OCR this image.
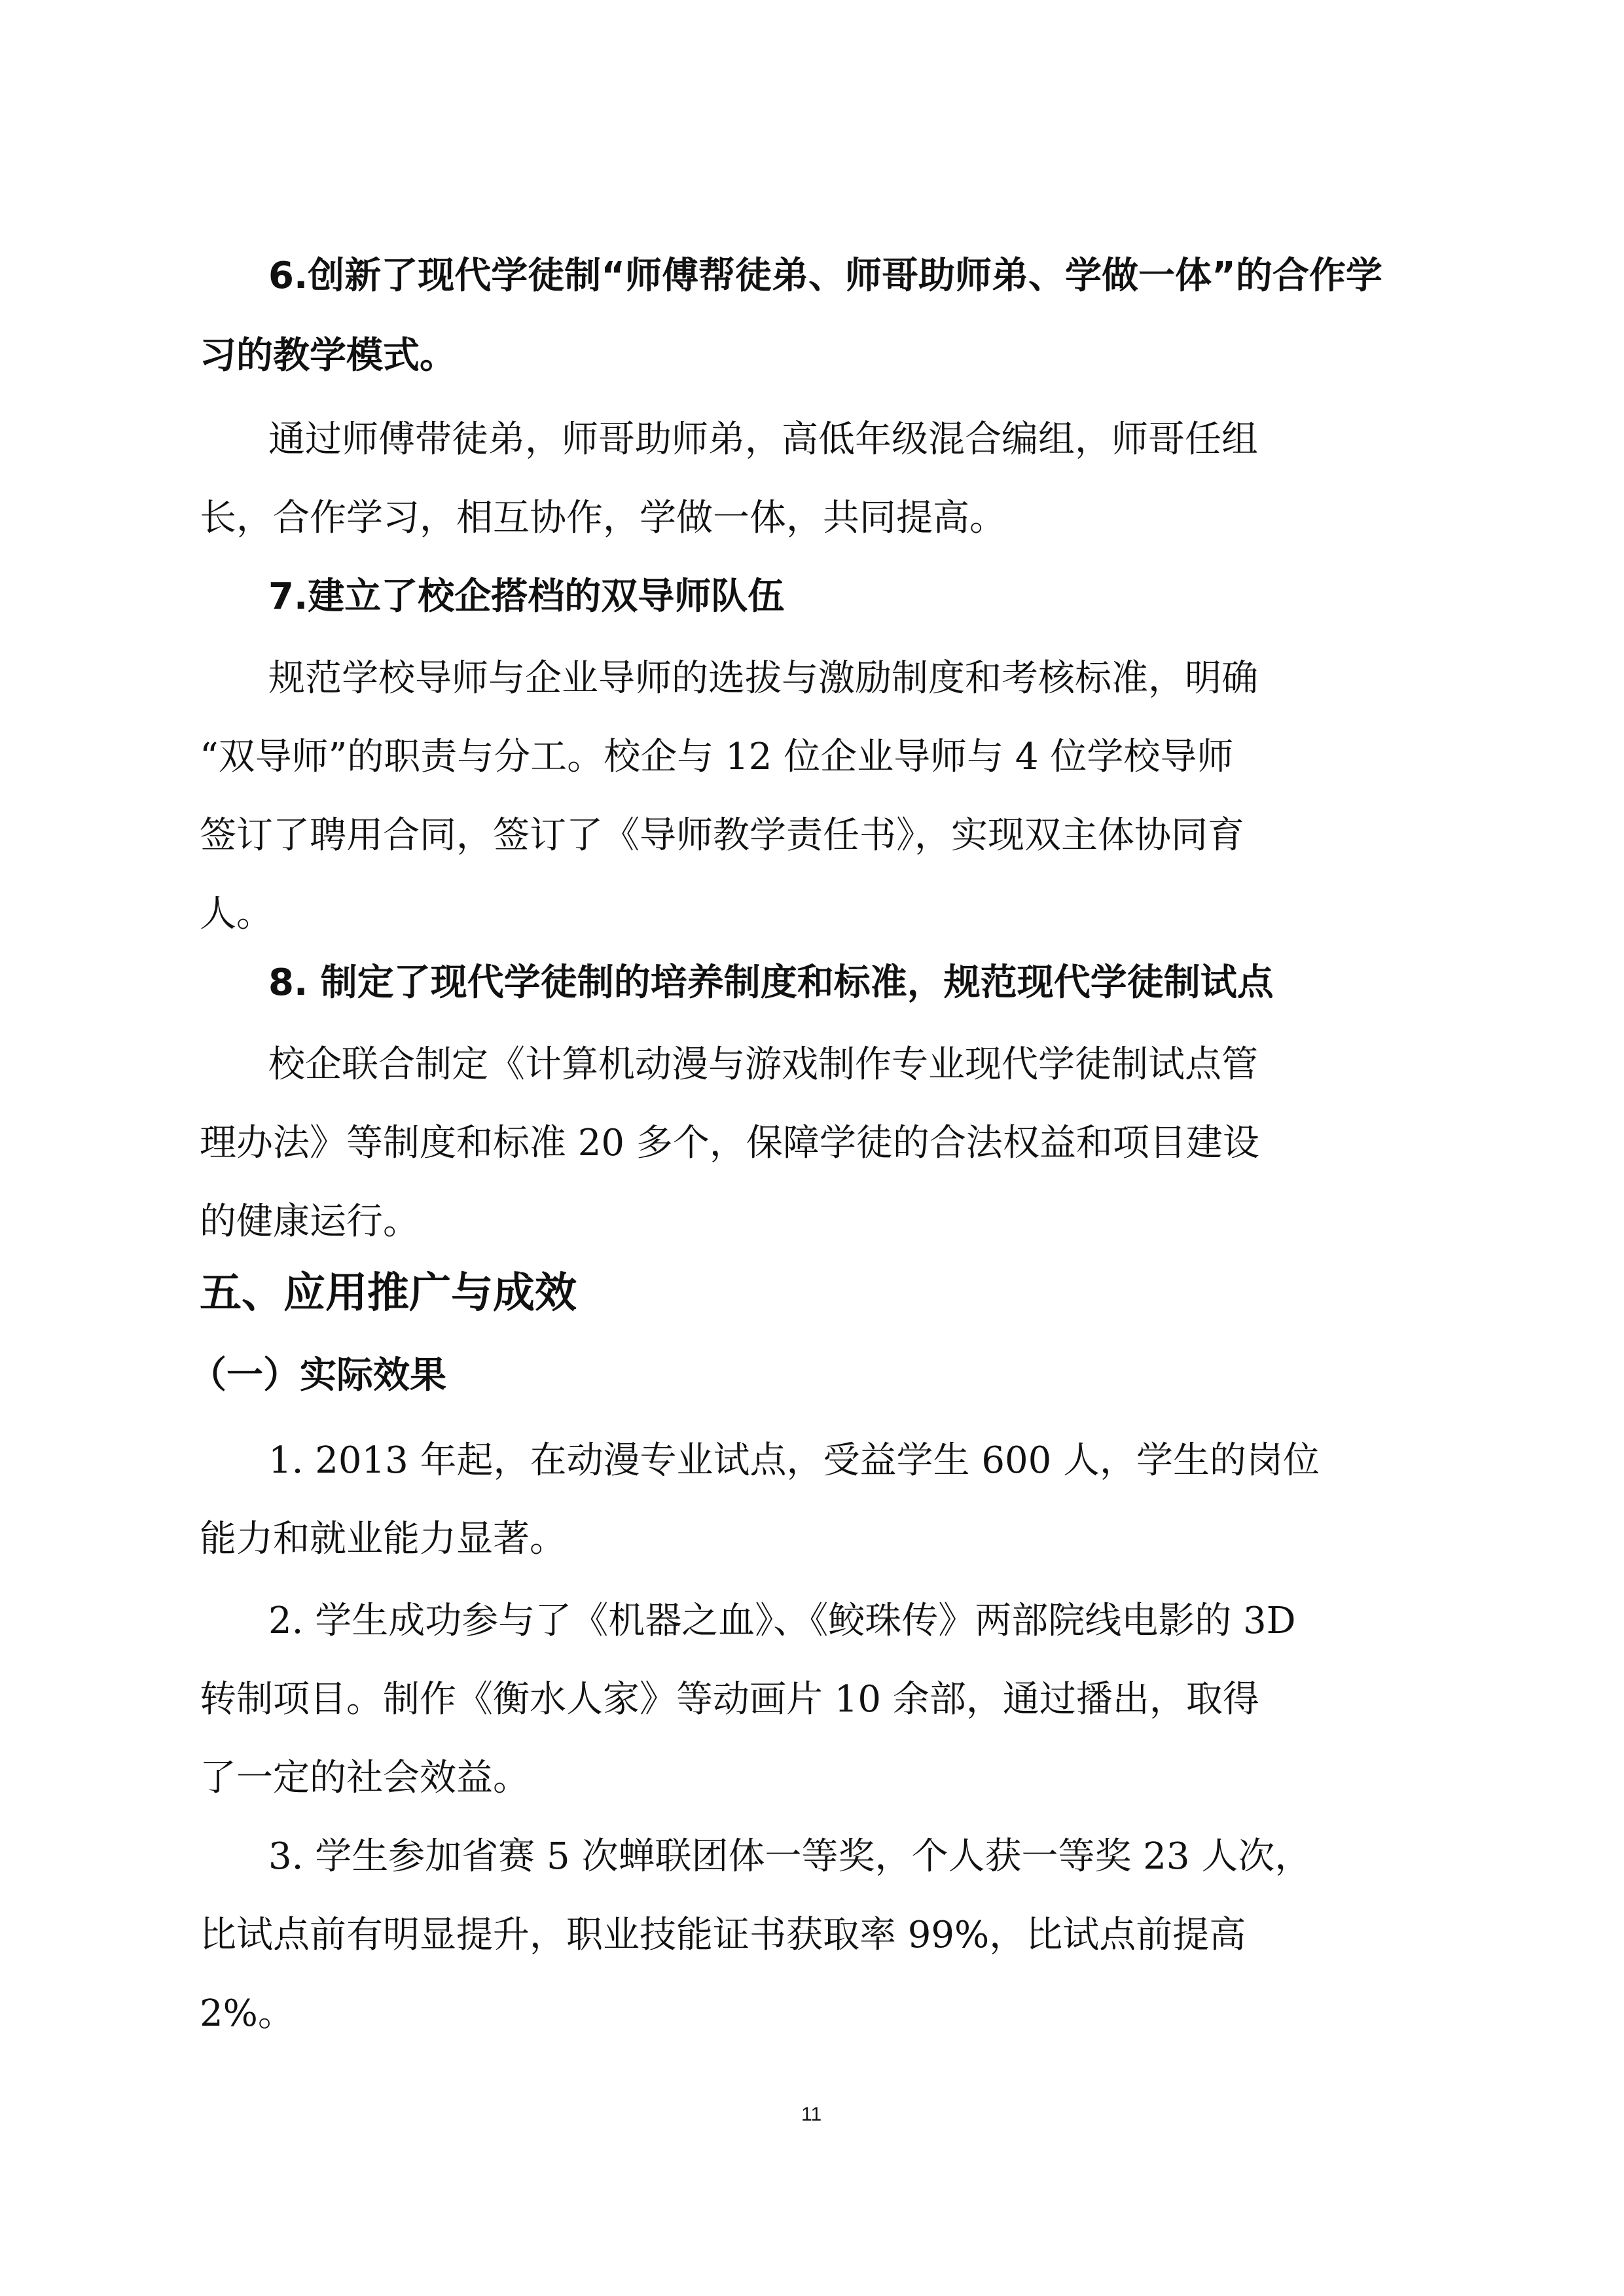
6.创新了现代学徒制“师傅帮徒弟、师哥助师弟、学做一体”的合作学
习的教学模式。
通过师傅带徒弟，师哥助师弟，高低年级混合编组，师哥任组
长，合作学习，相互协作，学做一体，共同提高。
7.建立了校企搭档的双导师队伍
规范学校导师与企业导师的选拔与激励制度和考核标准，明确
“双导师”的职责与分工。校企与 12 位企业导师与 4 位学校导师
签订了聘用合同，签订了《导师教学责任书》，实现双主体协同育
人。
8. 制定了现代学徒制的培养制度和标准，规范现代学徒制试点
校企联合制定《计算机动漫与游戏制作专业现代学徒制试点管
理办法》等制度和标准 20 多个，保障学徒的合法权益和项目建设
的健康运行。
五、应用推广与成效
（一）实际效果
1. 2013 年起，在动漫专业试点，受益学生 600 人，学生的岗位
能力和就业能力显著。
2. 学生成功参与了《机器之血》、《鲛珠传》两部院线电影的 3D
转制项目。制作《衡水人家》等动画片 10 余部，通过播出，取得
了一定的社会效益。
3. 学生参加省赛 5 次蝉联团体一等奖，个人获一等奖 23 人次，
比试点前有明显提升，职业技能证书获取率 99%，比试点前提高
2%。
11
